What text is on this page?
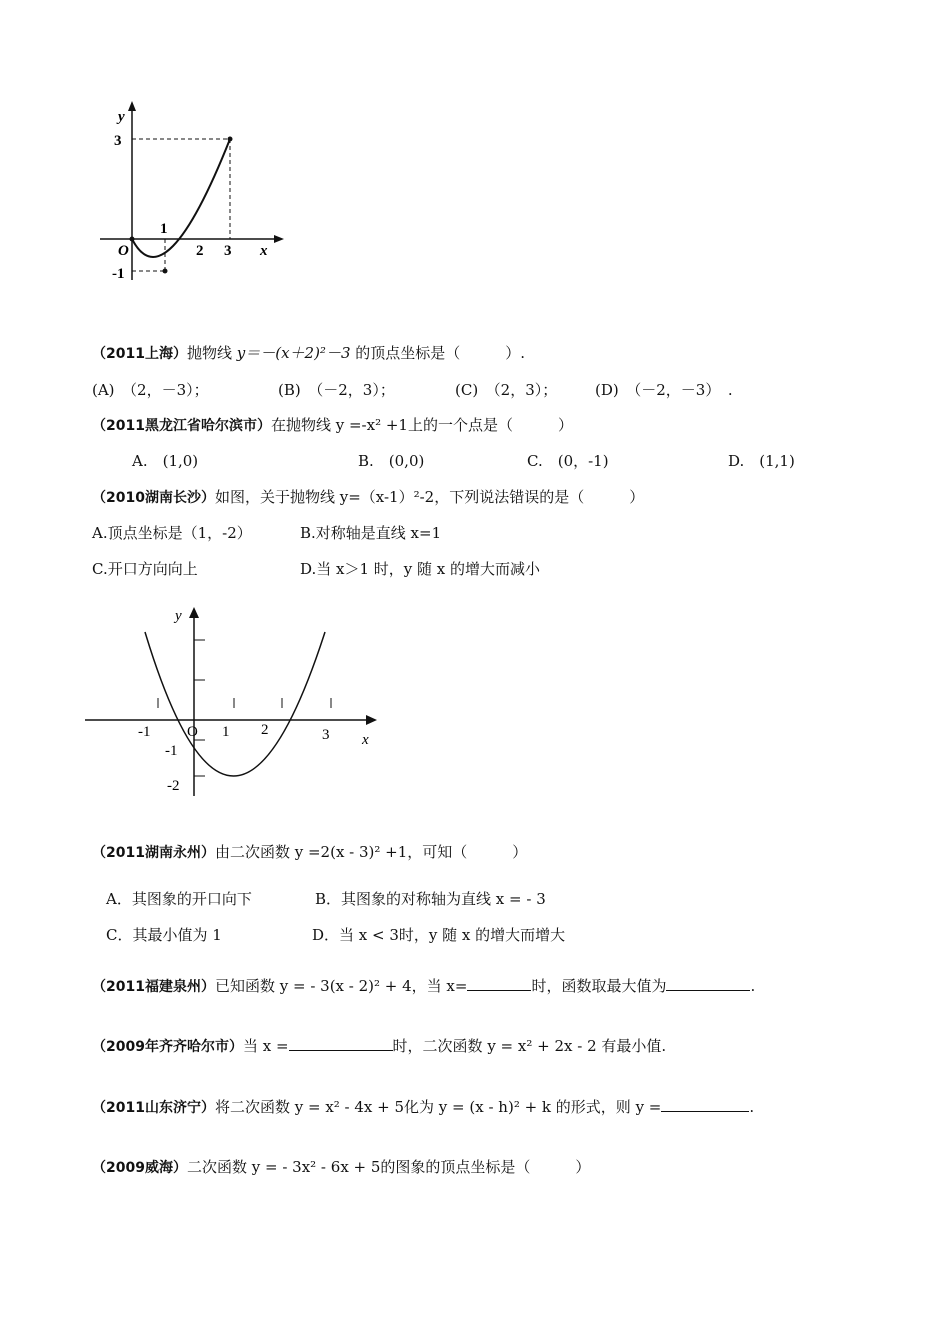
y
3
O
-1
1
2 3 x
（2011上海）抛物线 y＝－(x＋2)²－3 的顶点坐标是（　　　）.
(A)　（2，－3）；	(B)　（－2，3）；	(C)　（2，3）；	(D)　（－2，－3）　.
（2011黑龙江省哈尔滨市）在抛物线 y =-x² +1上的一个点是（　　　）
A.　(1,0)	B.　(0,0)	C.　(0，-1)	D.　(1,1)
（2010湖南长沙）如图，关于抛物线 y=（x-1）²-2，下列说法错误的是（　　　）
A.顶点坐标是（1，-2）	B.对称轴是直线 x=1
C.开口方向向上	D.当 x＞1 时，y 随 x 的增大而减小
y
-1 O 1 2	3 x
-1
-2
（2011湖南永州）由二次函数 y =2(x - 3)² +1，可知（　　　）
A．其图象的开口向下	B．其图象的对称轴为直线 x = - 3
C．其最小值为 1	D．当 x < 3时，y 随 x 的增大而增大
（2011福建泉州）已知函数 y = - 3(x - 2)² + 4，当 x=	时，函数取最大值为	.
（2009年齐齐哈尔市）当 x =	时，二次函数 y = x² + 2x - 2 有最小值.
（2011山东济宁）将二次函数 y = x² - 4x + 5化为 y = (x - h)² + k 的形式，则 y =	.
（2009威海）二次函数 y = - 3x² - 6x + 5的图象的顶点坐标是（　　　）
